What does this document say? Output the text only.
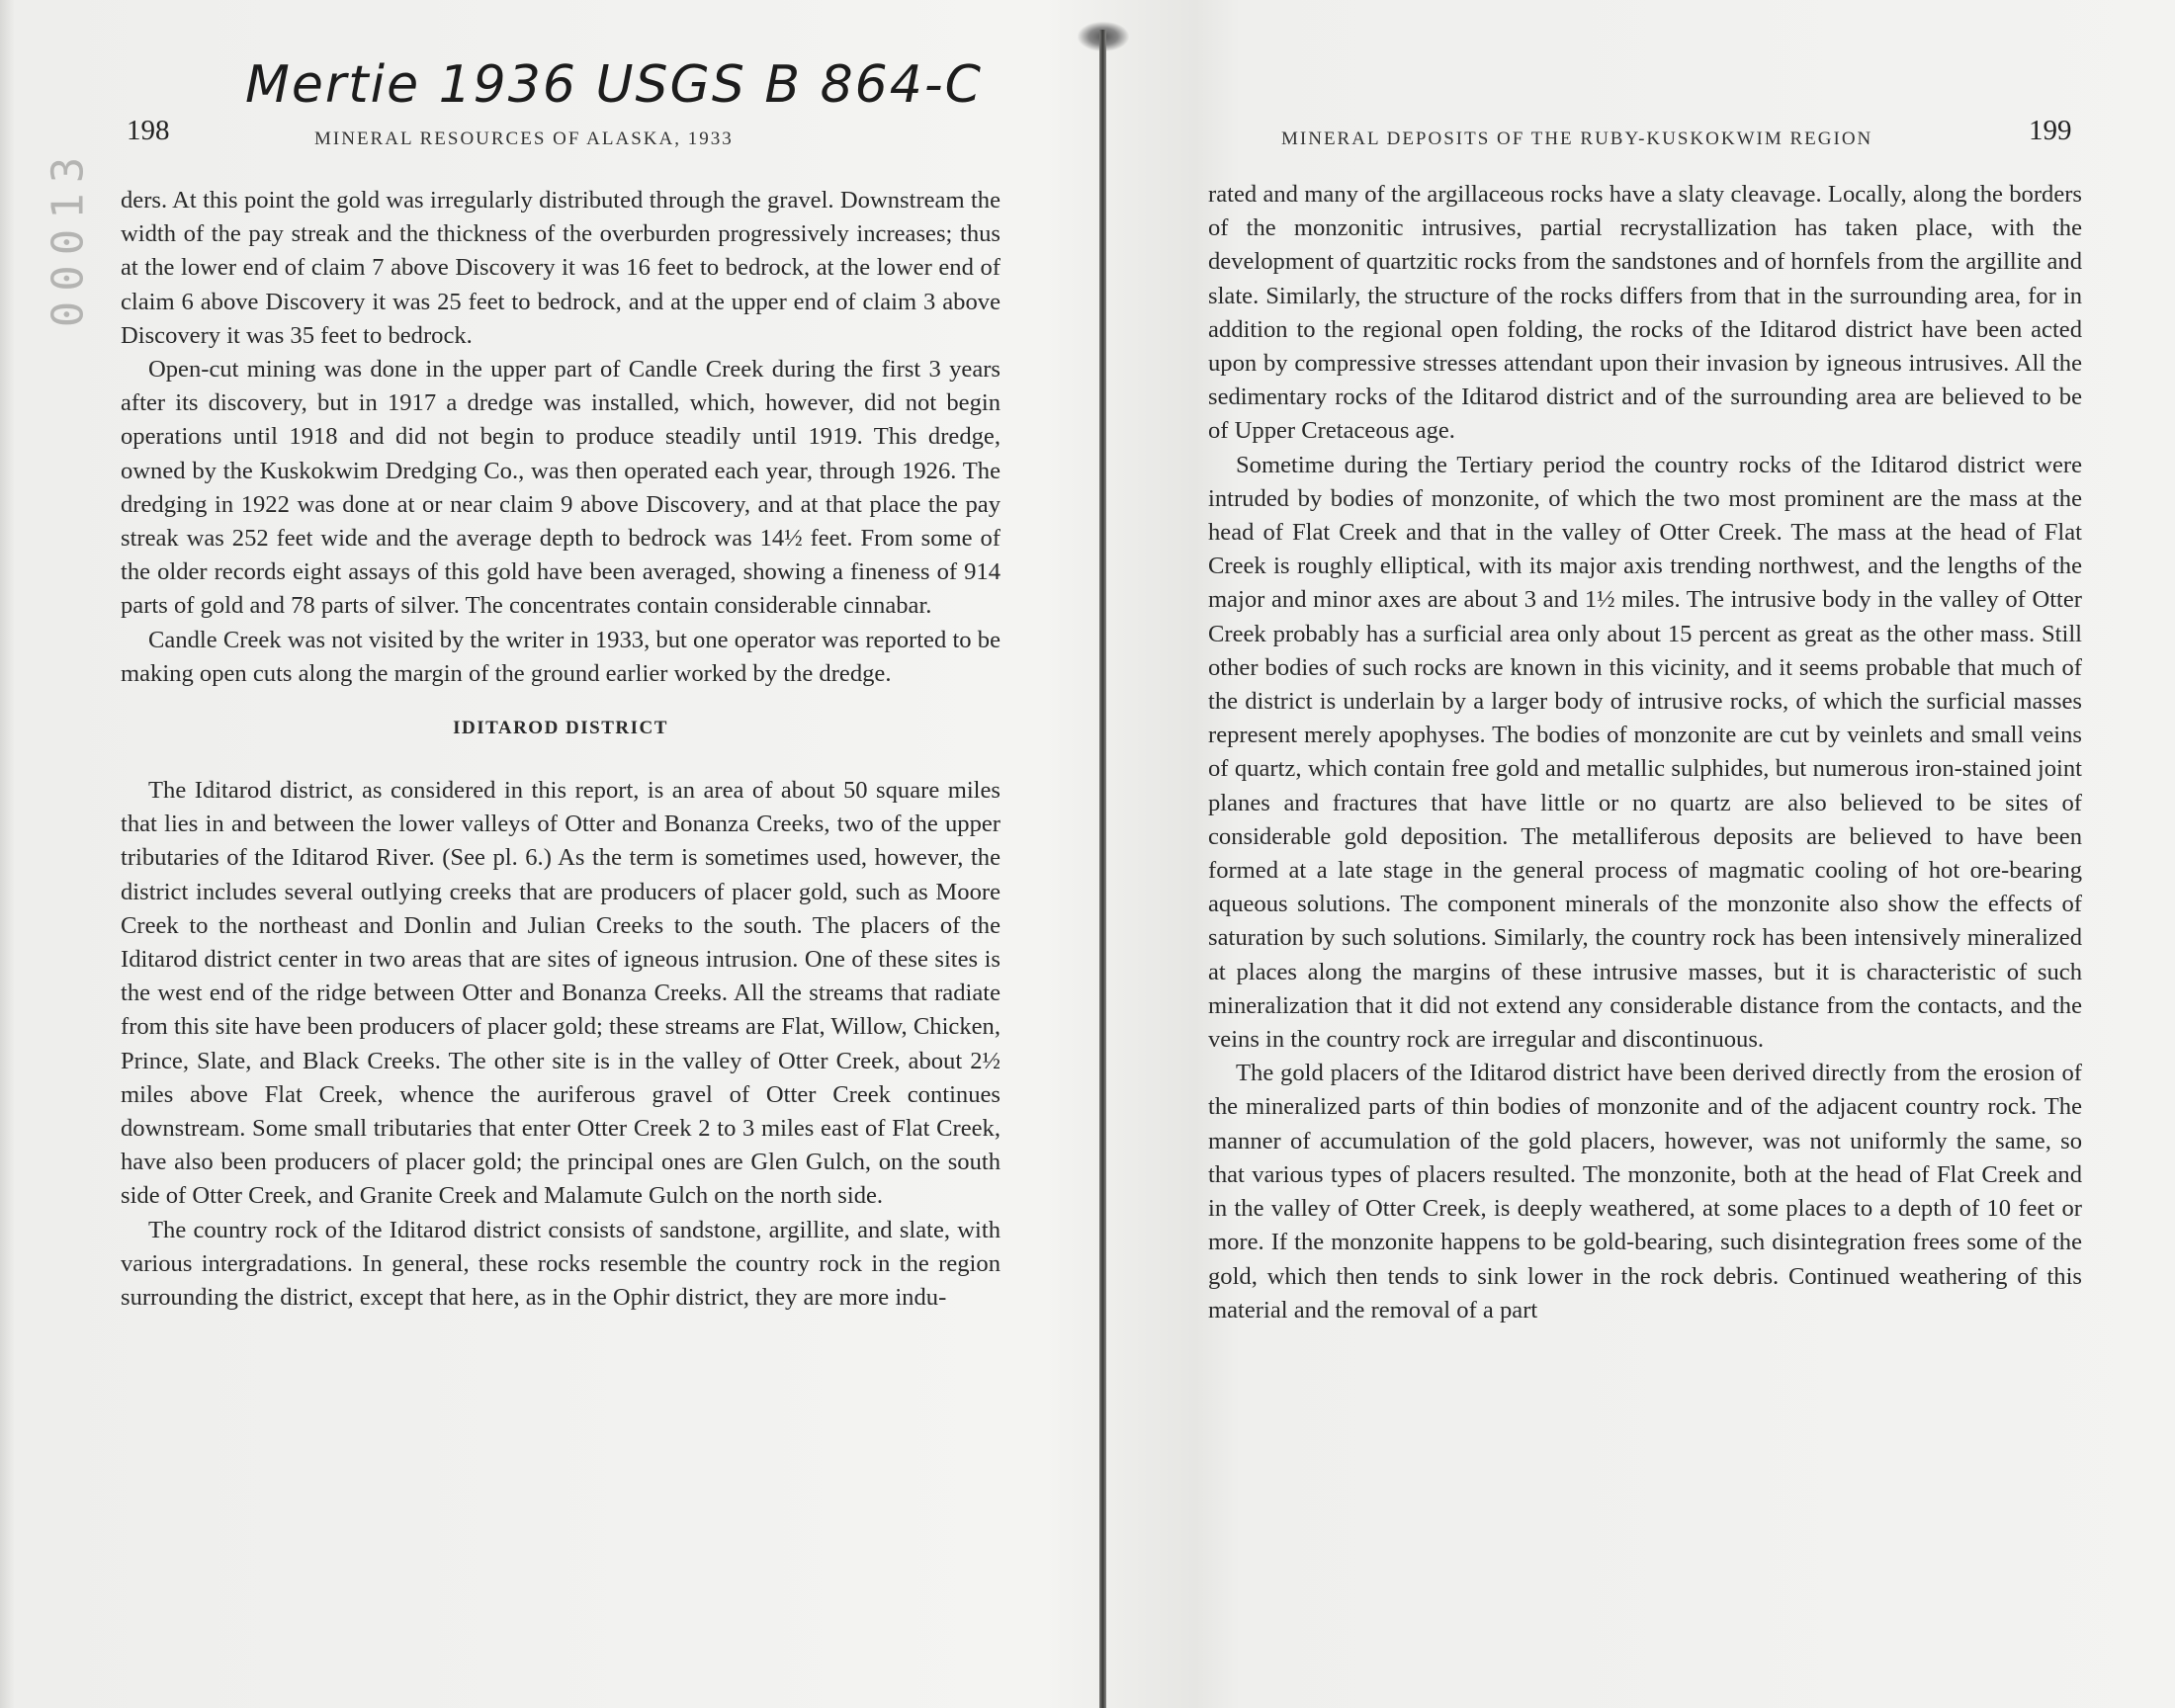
Mertie 1936 USGS B 864-C
00013
198	MINERAL RESOURCES OF ALASKA, 1933

ders. At this point the gold was irregularly distributed through the gravel. Downstream the width of the pay streak and the thickness of the overburden progressively increases; thus at the lower end of claim 7 above Discovery it was 16 feet to bedrock, at the lower end of claim 6 above Discovery it was 25 feet to bedrock, and at the upper end of claim 3 above Discovery it was 35 feet to bedrock.

Open-cut mining was done in the upper part of Candle Creek during the first 3 years after its discovery, but in 1917 a dredge was installed, which, however, did not begin operations until 1918 and did not begin to produce steadily until 1919. This dredge, owned by the Kuskokwim Dredging Co., was then operated each year, through 1926. The dredging in 1922 was done at or near claim 9 above Discovery, and at that place the pay streak was 252 feet wide and the average depth to bedrock was 14½ feet. From some of the older records eight assays of this gold have been averaged, showing a fineness of 914 parts of gold and 78 parts of silver. The concentrates contain considerable cinnabar.

Candle Creek was not visited by the writer in 1933, but one operator was reported to be making open cuts along the margin of the ground earlier worked by the dredge.

IDITAROD DISTRICT

The Iditarod district, as considered in this report, is an area of about 50 square miles that lies in and between the lower valleys of Otter and Bonanza Creeks, two of the upper tributaries of the Iditarod River. (See pl. 6.) As the term is sometimes used, however, the district includes several outlying creeks that are producers of placer gold, such as Moore Creek to the northeast and Donlin and Julian Creeks to the south. The placers of the Iditarod district center in two areas that are sites of igneous intrusion. One of these sites is the west end of the ridge between Otter and Bonanza Creeks. All the streams that radiate from this site have been producers of placer gold; these streams are Flat, Willow, Chicken, Prince, Slate, and Black Creeks. The other site is in the valley of Otter Creek, about 2½ miles above Flat Creek, whence the auriferous gravel of Otter Creek continues downstream. Some small tributaries that enter Otter Creek 2 to 3 miles east of Flat Creek, have also been producers of placer gold; the principal ones are Glen Gulch, on the south side of Otter Creek, and Granite Creek and Malamute Gulch on the north side.

The country rock of the Iditarod district consists of sandstone, argillite, and slate, with various intergradations. In general, these rocks resemble the country rock in the region surrounding the district, except that here, as in the Ophir district, they are more indu-

MINERAL DEPOSITS OF THE RUBY-KUSKOKWIM REGION	199

rated and many of the argillaceous rocks have a slaty cleavage. Locally, along the borders of the monzonitic intrusives, partial recrystallization has taken place, with the development of quartzitic rocks from the sandstones and of hornfels from the argillite and slate. Similarly, the structure of the rocks differs from that in the surrounding area, for in addition to the regional open folding, the rocks of the Iditarod district have been acted upon by compressive stresses attendant upon their invasion by igneous intrusives. All the sedimentary rocks of the Iditarod district and of the surrounding area are believed to be of Upper Cretaceous age.

Sometime during the Tertiary period the country rocks of the Iditarod district were intruded by bodies of monzonite, of which the two most prominent are the mass at the head of Flat Creek and that in the valley of Otter Creek. The mass at the head of Flat Creek is roughly elliptical, with its major axis trending northwest, and the lengths of the major and minor axes are about 3 and 1½ miles. The intrusive body in the valley of Otter Creek probably has a surficial area only about 15 percent as great as the other mass. Still other bodies of such rocks are known in this vicinity, and it seems probable that much of the district is underlain by a larger body of intrusive rocks, of which the surficial masses represent merely apophyses. The bodies of monzonite are cut by veinlets and small veins of quartz, which contain free gold and metallic sulphides, but numerous iron-stained joint planes and fractures that have little or no quartz are also believed to be sites of considerable gold deposition. The metalliferous deposits are believed to have been formed at a late stage in the general process of magmatic cooling of hot ore-bearing aqueous solutions. The component minerals of the monzonite also show the effects of saturation by such solutions. Similarly, the country rock has been intensively mineralized at places along the margins of these intrusive masses, but it is characteristic of such mineralization that it did not extend any considerable distance from the contacts, and the veins in the country rock are irregular and discontinuous.

The gold placers of the Iditarod district have been derived directly from the erosion of the mineralized parts of thin bodies of monzonite and of the adjacent country rock. The manner of accumulation of the gold placers, however, was not uniformly the same, so that various types of placers resulted. The monzonite, both at the head of Flat Creek and in the valley of Otter Creek, is deeply weathered, at some places to a depth of 10 feet or more. If the monzonite happens to be gold-bearing, such disintegration frees some of the gold, which then tends to sink lower in the rock debris. Continued weathering of this material and the removal of a part
